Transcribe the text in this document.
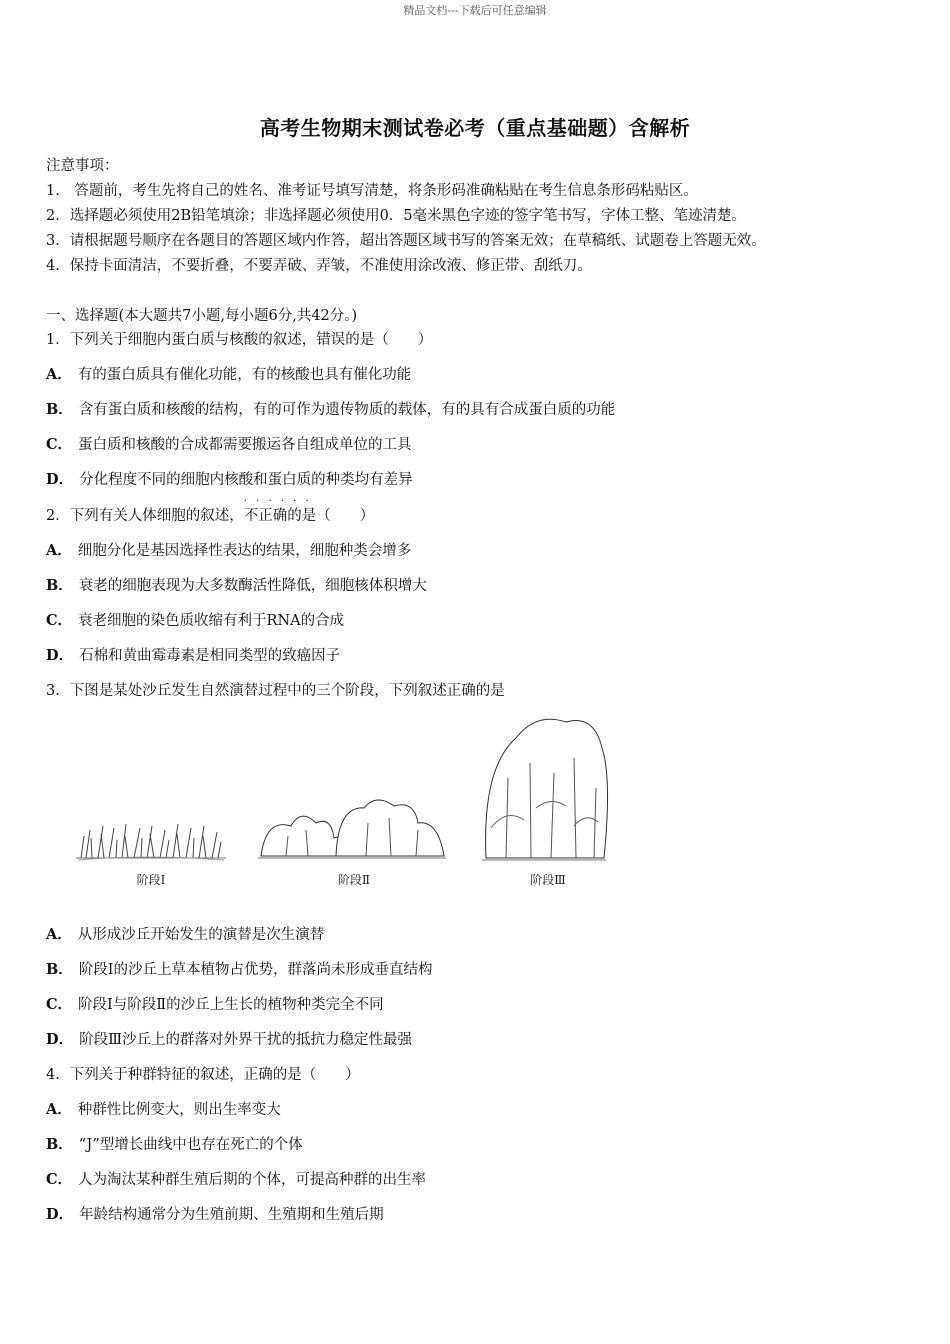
精品文档---下载后可任意编辑
高考生物期末测试卷必考（重点基础题）含解析
注意事项：
1． 答题前，考生先将自己的姓名、准考证号填写清楚，将条形码准确粘贴在考生信息条形码粘贴区。
2．选择题必须使用2B铅笔填涂；非选择题必须使用0．5毫米黑色字迹的签字笔书写，字体工整、笔迹清楚。
3．请根据题号顺序在各题目的答题区域内作答，超出答题区域书写的答案无效；在草稿纸、试题卷上答题无效。
4．保持卡面清洁，不要折叠，不要弄破、弄皱，不准使用涂改液、修正带、刮纸刀。
一、选择题(本大题共7小题,每小题6分,共42分。)
1．下列关于细胞内蛋白质与核酸的叙述，错误的是（　　）
A． 有的蛋白质具有催化功能，有的核酸也具有催化功能
B． 含有蛋白质和核酸的结构，有的可作为遗传物质的载体，有的具有合成蛋白质的功能
C． 蛋白质和核酸的合成都需要搬运各自组成单位的工具
D． 分化程度不同的细胞内核酸和蛋白质的种类均有差异
2．下列有关人体细胞的叙述，· · · 不正确的是（　　）
A． 细胞分化是基因选择性表达的结果，细胞种类会增多
B． 衰老的细胞表现为大多数酶活性降低，细胞核体积增大
C． 衰老细胞的染色质收缩有利于RNA的合成
D． 石棉和黄曲霉毒素是相同类型的致癌因子
3．下图是某处沙丘发生自然演替过程中的三个阶段，下列叙述正确的是
阶段Ⅰ	阶段Ⅱ	阶段Ⅲ
A． 从形成沙丘开始发生的演替是次生演替
B． 阶段Ⅰ的沙丘上草本植物占优势，群落尚未形成垂直结构
C． 阶段Ⅰ与阶段Ⅱ的沙丘上生长的植物种类完全不同
D． 阶段Ⅲ沙丘上的群落对外界干扰的抵抗力稳定性最强
4．下列关于种群特征的叙述，正确的是（　　）
A． 种群性比例变大，则出生率变大
B． “J”型增长曲线中也存在死亡的个体
C． 人为淘汰某种群生殖后期的个体，可提高种群的出生率
D． 年龄结构通常分为生殖前期、生殖期和生殖后期
